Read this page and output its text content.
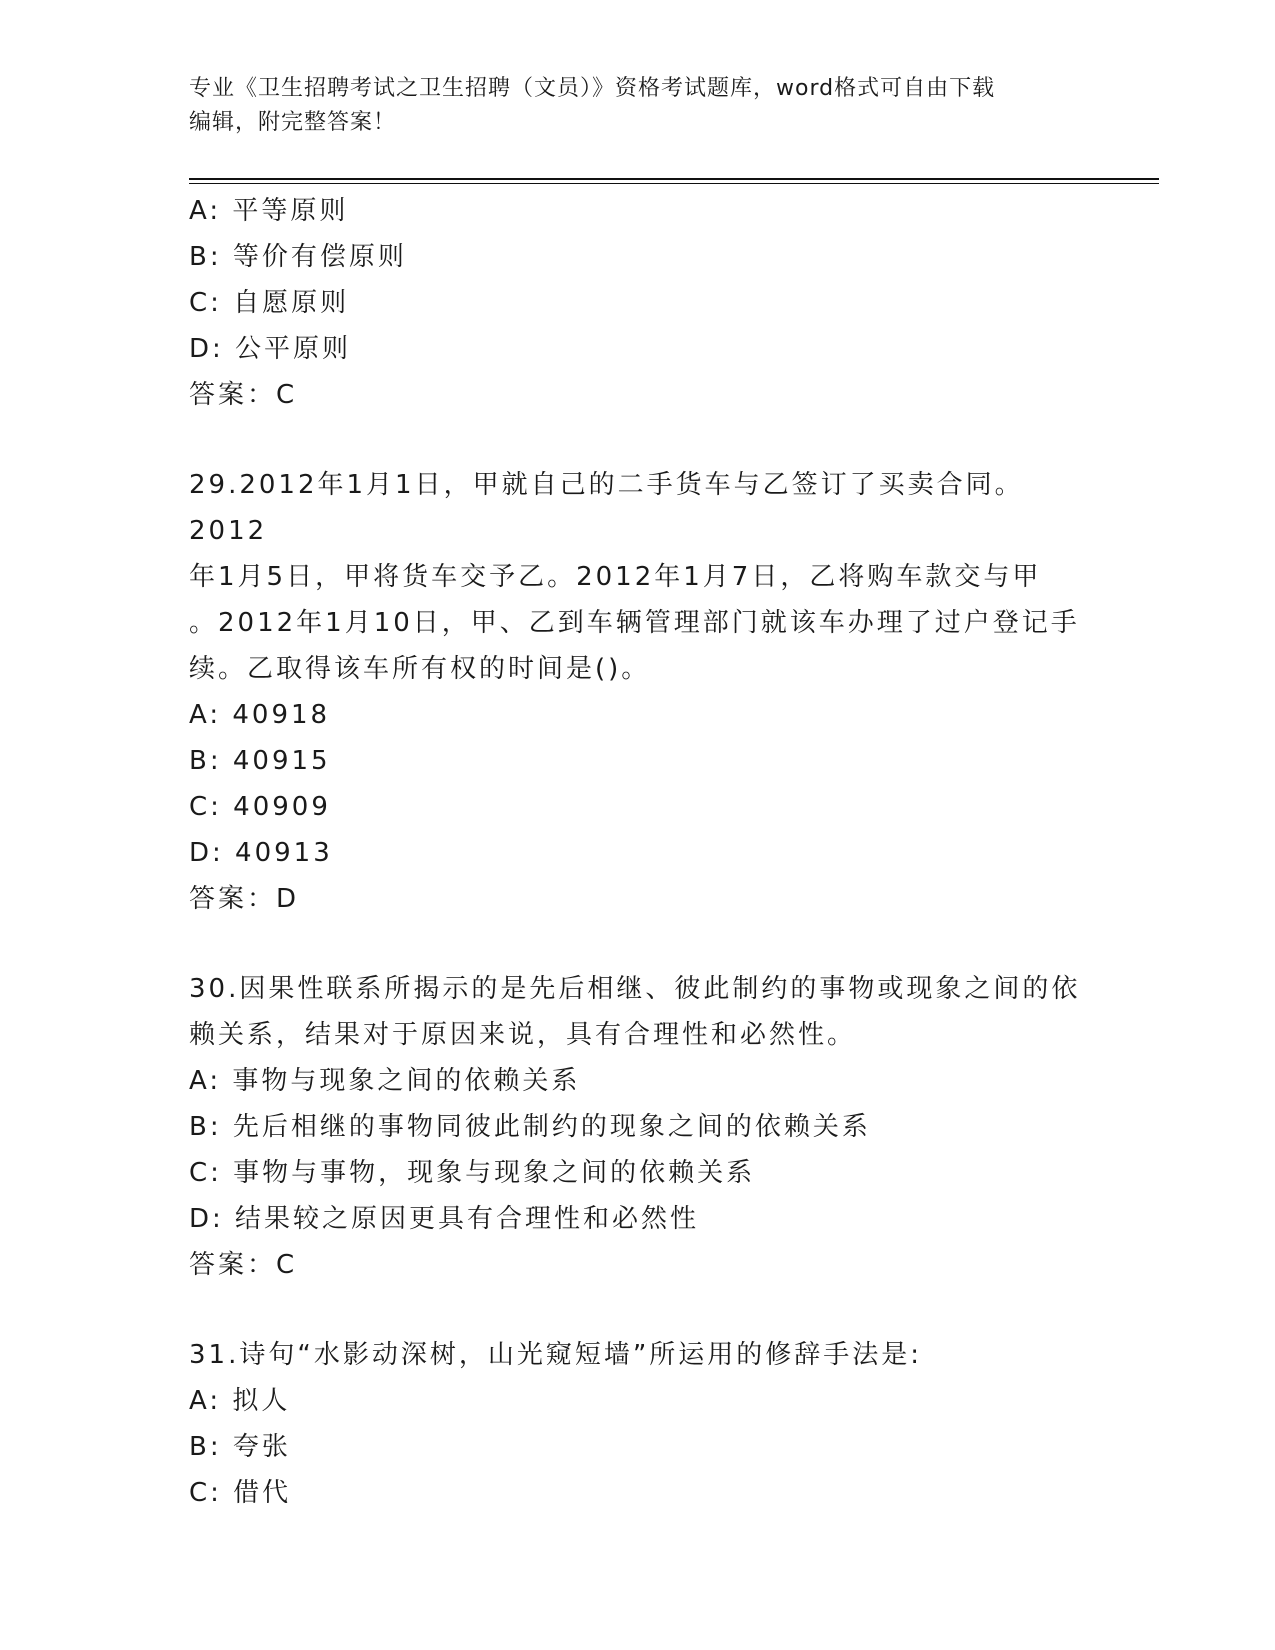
专业《卫生招聘考试之卫生招聘（文员）》资格考试题库，word格式可自由下载
编辑，附完整答案！
A: 平等原则
B: 等价有偿原则
C: 自愿原则
D: 公平原则
答案：C
29.2012年1月1日，甲就自己的二手货车与乙签订了买卖合同。2012
年1月5日，甲将货车交予乙。2012年1月7日，乙将购车款交与甲
。2012年1月10日，甲、乙到车辆管理部门就该车办理了过户登记手
续。乙取得该车所有权的时间是()。
A: 40918
B: 40915
C: 40909
D: 40913
答案：D
30.因果性联系所揭示的是先后相继、彼此制约的事物或现象之间的依
赖关系，结果对于原因来说，具有合理性和必然性。
A: 事物与现象之间的依赖关系
B: 先后相继的事物同彼此制约的现象之间的依赖关系
C: 事物与事物，现象与现象之间的依赖关系
D: 结果较之原因更具有合理性和必然性
答案：C
31.诗句“水影动深树，山光窥短墙”所运用的修辞手法是:
A: 拟人
B: 夸张
C: 借代
